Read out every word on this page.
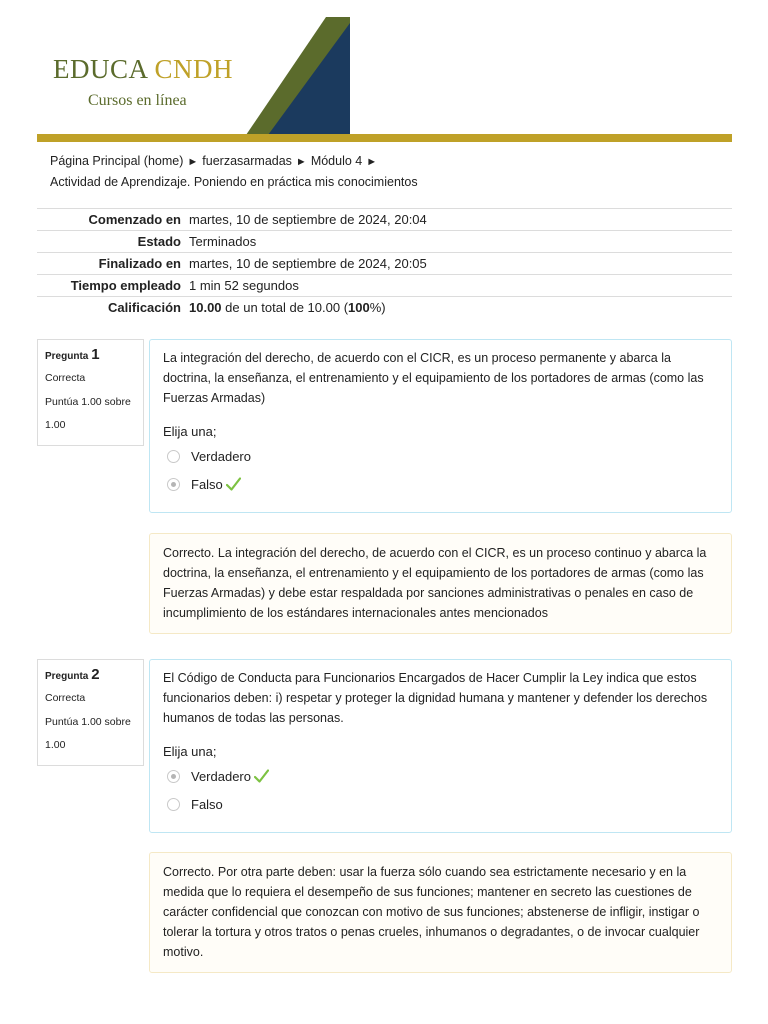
EDUCA CNDH
Cursos en línea
Página Principal (home) ► fuerzasarmadas ► Módulo 4 ►
Actividad de Aprendizaje. Poniendo en práctica mis conocimientos
Comenzado en	martes, 10 de septiembre de 2024, 20:04
Estado	Terminados
Finalizado en	martes, 10 de septiembre de 2024, 20:05
Tiempo empleado	1 min 52 segundos
Calificación	10.00 de un total de 10.00 (100%)
Pregunta 1
Correcta
Puntúa 1.00 sobre 1.00
La integración del derecho, de acuerdo con el CICR, es un proceso permanente y abarca la doctrina, la enseñanza, el entrenamiento y el equipamiento de los portadores de armas (como las Fuerzas Armadas)
Elija una;
Verdadero
Falso
Correcto. La integración del derecho, de acuerdo con el CICR, es un proceso continuo y abarca la doctrina, la enseñanza, el entrenamiento y el equipamiento de los portadores de armas (como las Fuerzas Armadas) y debe estar respaldada por sanciones administrativas o penales en caso de incumplimiento de los estándares internacionales antes mencionados
Pregunta 2
Correcta
Puntúa 1.00 sobre 1.00
El Código de Conducta para Funcionarios Encargados de Hacer Cumplir la Ley indica que estos funcionarios deben: i) respetar y proteger la dignidad humana y mantener y defender los derechos humanos de todas las personas.
Elija una;
Verdadero
Falso
Correcto. Por otra parte deben: usar la fuerza sólo cuando sea estrictamente necesario y en la medida que lo requiera el desempeño de sus funciones; mantener en secreto las cuestiones de carácter confidencial que conozcan con motivo de sus funciones; abstenerse de infligir, instigar o tolerar la tortura y otros tratos o penas crueles, inhumanos o degradantes, o de invocar cualquier motivo.
